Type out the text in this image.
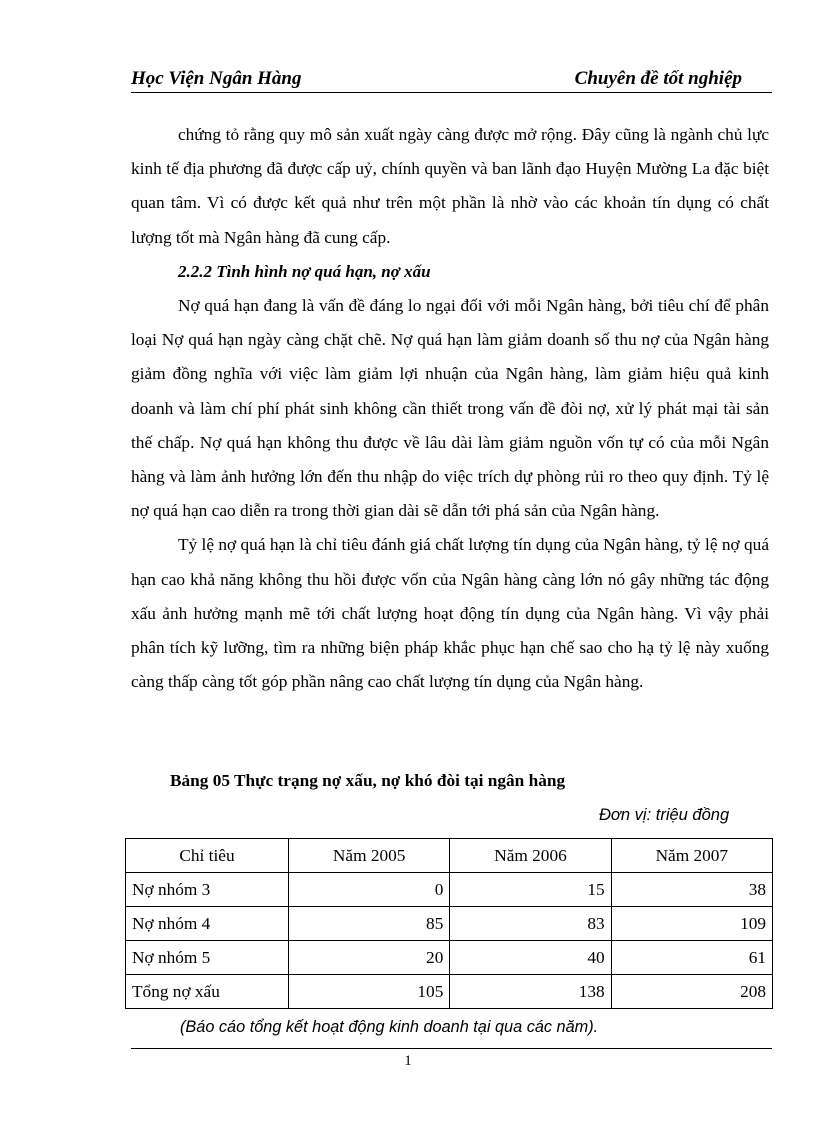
Học Viện Ngân Hàng	Chuyên đề tốt nghiệp

chứng tỏ rằng quy mô sản xuất ngày càng được mở rộng. Đây cũng là ngành chủ lực kinh tế địa phương đã được cấp uỷ, chính quyền và ban lãnh đạo Huyện Mường La đặc biệt quan tâm. Vì có được kết quả như trên một phần là nhờ vào các khoản tín dụng có chất lượng tốt mà Ngân hàng đã cung cấp.

2.2.2 Tình hình nợ quá hạn, nợ xấu

Nợ quá hạn đang là vấn đề đáng lo ngại đối với mỗi Ngân hàng, bởi tiêu chí để phân loại Nợ quá hạn ngày càng chặt chẽ. Nợ quá hạn làm giảm doanh số thu nợ của Ngân hàng giảm đồng nghĩa với việc làm giảm lợi nhuận của Ngân hàng, làm giảm hiệu quả kinh doanh và làm chí phí phát sinh không cần thiết trong vấn đề đòi nợ, xử lý phát mại tài sản thế chấp. Nợ quá hạn không thu được về lâu dài làm giảm nguồn vốn tự có của mỗi Ngân hàng và làm ảnh hưởng lớn đến thu nhập do việc trích dự phòng rủi ro theo quy định. Tỷ lệ nợ quá hạn cao diễn ra trong thời gian dài sẽ dẫn tới phá sản của Ngân hàng.

Tỷ lệ nợ quá hạn là chỉ tiêu đánh giá chất lượng tín dụng của Ngân hàng, tỷ lệ nợ quá hạn cao khả năng không thu hồi được vốn của Ngân hàng càng lớn nó gây những tác động xấu ảnh hưởng mạnh mẽ tới chất lượng hoạt động tín dụng của Ngân hàng. Vì vậy phải phân tích kỹ lưỡng, tìm ra những biện pháp khắc phục hạn chế sao cho hạ tỷ lệ này xuống càng thấp càng tốt góp phần nâng cao chất lượng tín dụng của Ngân hàng.

Bảng 05 Thực trạng nợ xấu, nợ khó đòi tại ngân hàng
Đơn vị: triệu đồng
Chỉ tiêu	Năm 2005	Năm 2006	Năm 2007
Nợ nhóm 3	0	15	38
Nợ nhóm 4	85	83	109
Nợ nhóm 5	20	40	61
Tổng nợ xấu	105	138	208
(Báo cáo tổng kết hoạt động kinh doanh tại qua các năm).
1
